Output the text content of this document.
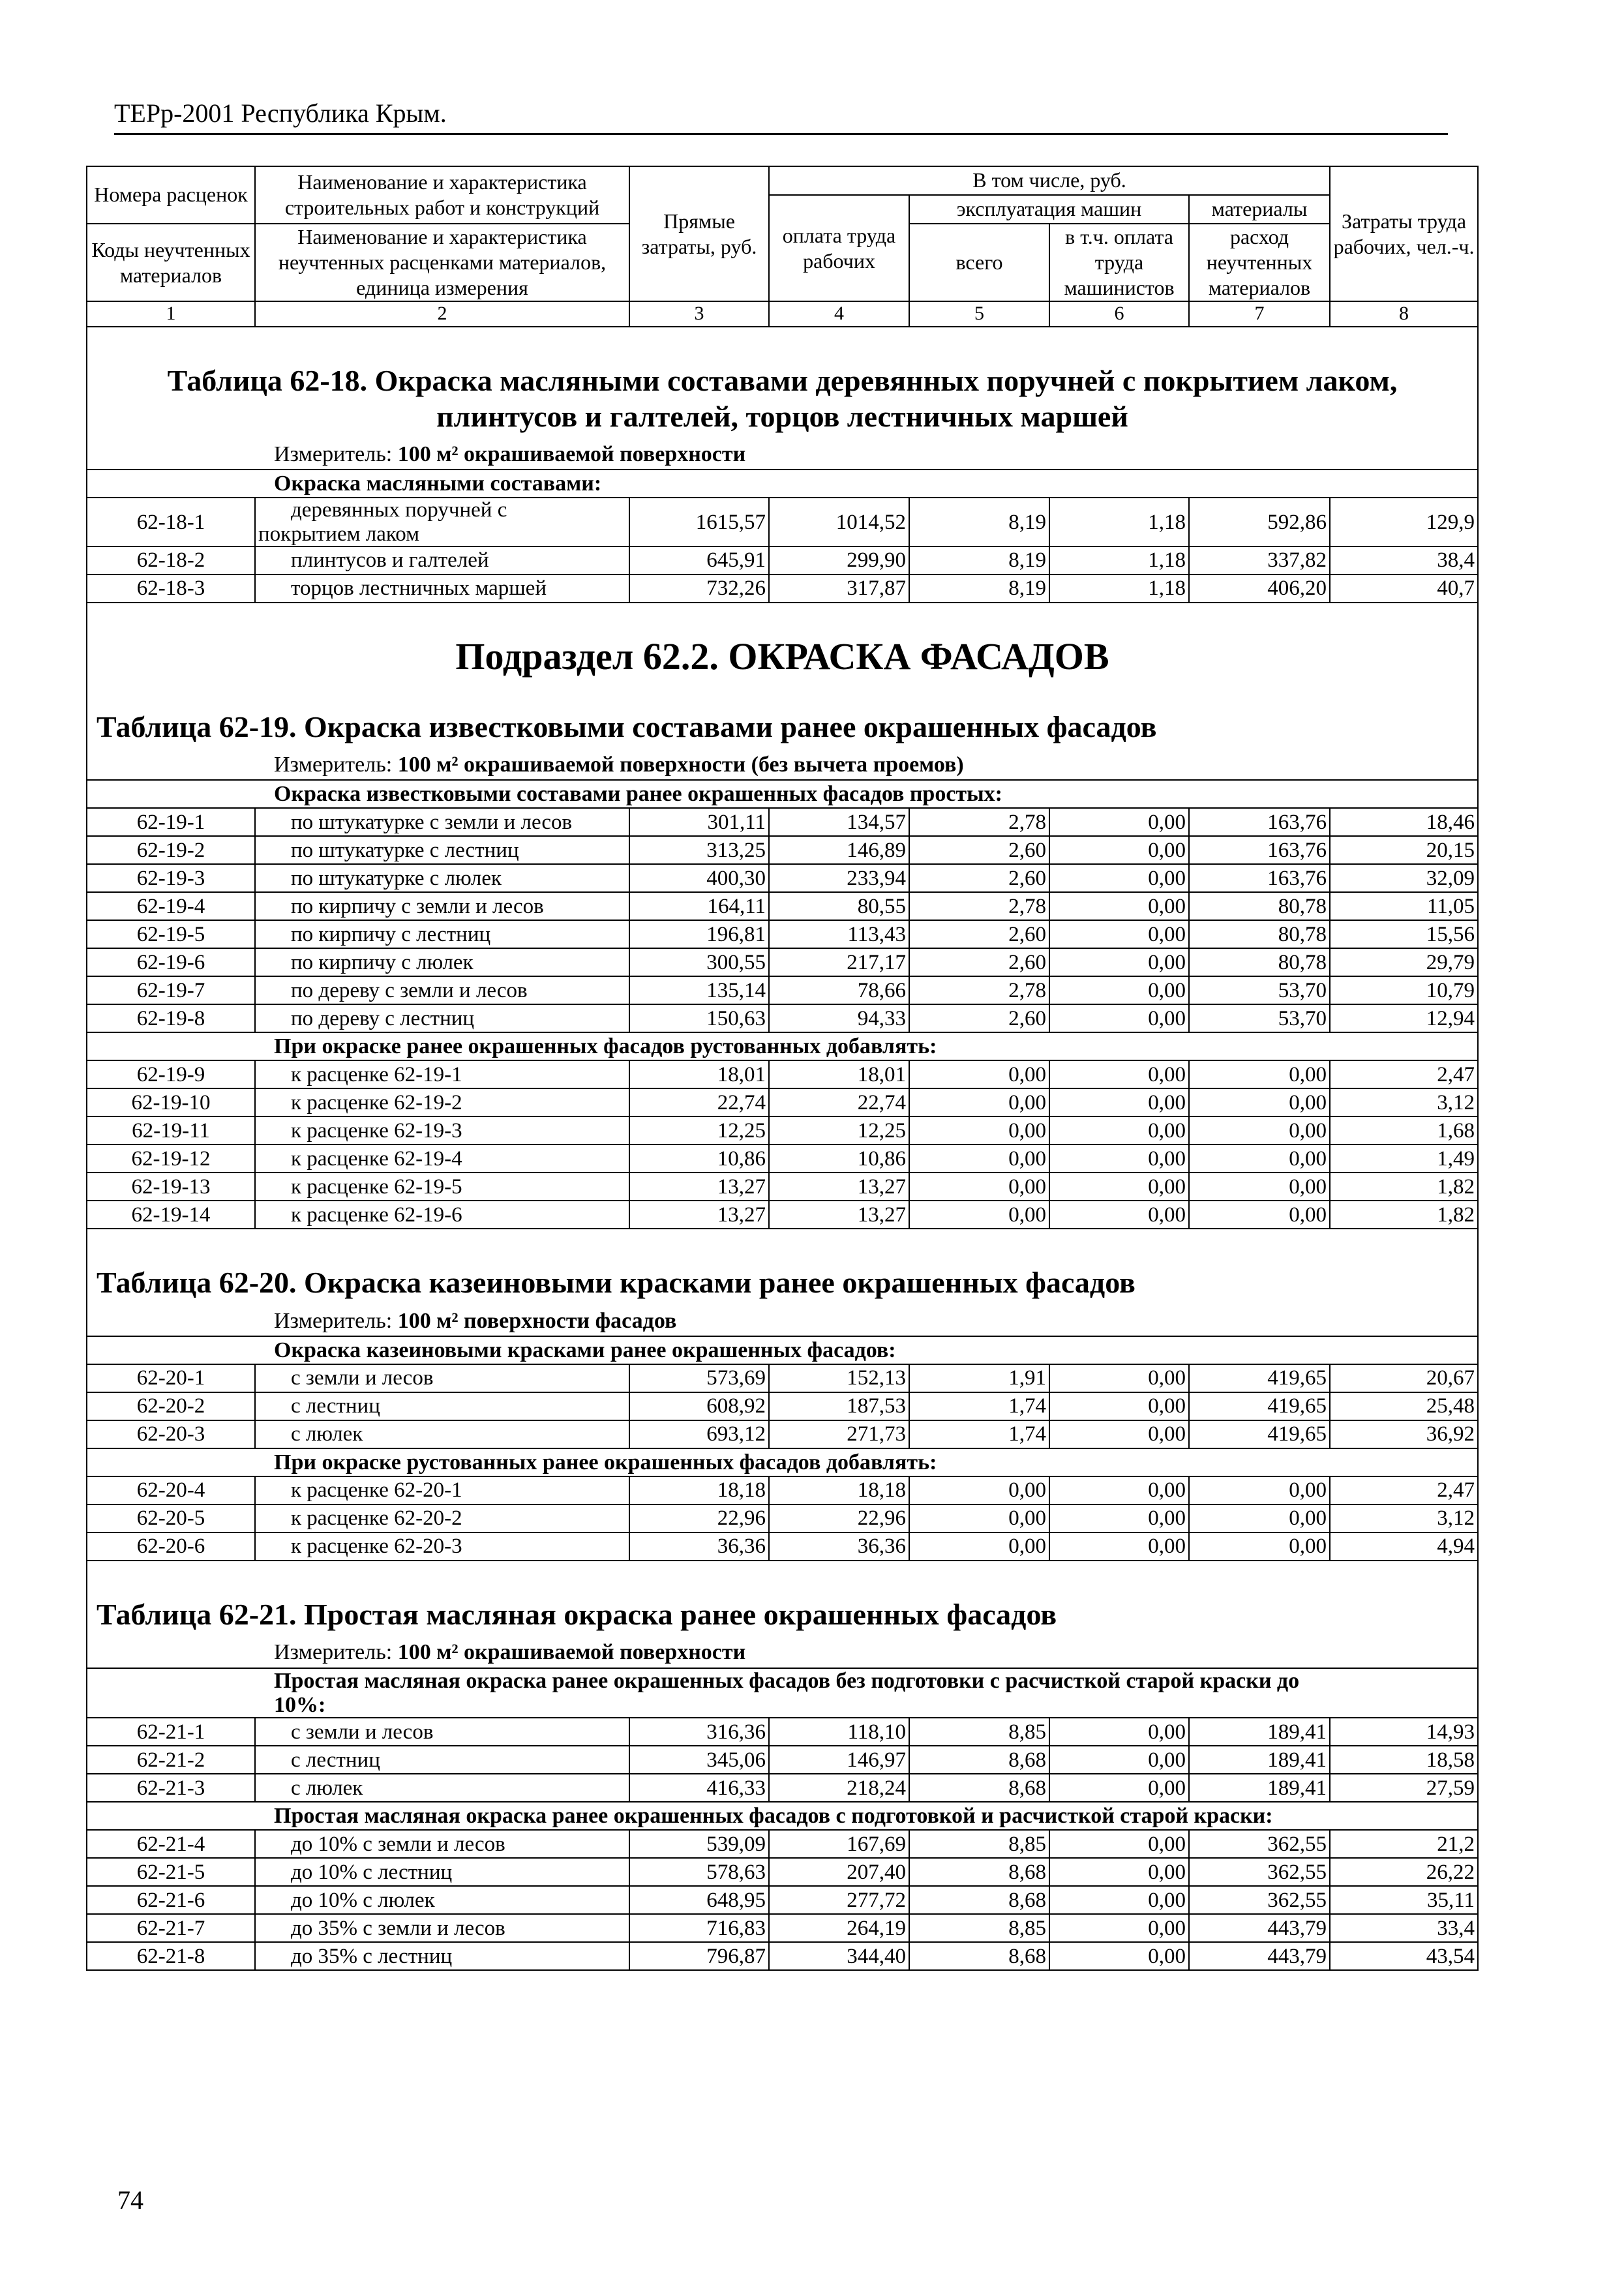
ТЕРр-2001 Республика Крым.
Номера расценок	Наименование и характеристика строительных работ и конструкций	Прямые затраты, руб.	В том числе, руб.				Затраты труда рабочих, чел.-ч.
			оплата труда рабочих	эксплуатация машин		материалы	
Коды неучтенных материалов	Наименование и характеристика неучтенных расценками материалов, единица измерения			всего	в т.ч. оплата труда машинистов	расход неучтенных материалов	

1	2	3	4	5	6	7	8

Таблица 62-18. Окраска масляными составами деревянных поручней с покрытием лаком,
плинтусов и галтелей, торцов лестничных маршей							
Измеритель: 100 м² окрашиваемой поверхности							
Окраска масляными составами:							
62-18-1	деревянных поручней с
покрытием лаком	1615,57	1014,52	8,19	1,18	592,86	129,9
62-18-2	плинтусов и галтелей	645,91	299,90	8,19	1,18	337,82	38,4
62-18-3	торцов лестничных маршей	732,26	317,87	8,19	1,18	406,20	40,7
Подраздел 62.2. ОКРАСКА ФАСАДОВ							
Таблица 62-19. Окраска известковыми составами ранее окрашенных фасадов							
Измеритель: 100 м² окрашиваемой поверхности (без вычета проемов)							
Окраска известковыми составами ранее окрашенных фасадов простых:							
62-19-1	по штукатурке с земли и лесов	301,11	134,57	2,78	0,00	163,76	18,46
62-19-2	по штукатурке с лестниц	313,25	146,89	2,60	0,00	163,76	20,15
62-19-3	по штукатурке с люлек	400,30	233,94	2,60	0,00	163,76	32,09
62-19-4	по кирпичу с земли и лесов	164,11	80,55	2,78	0,00	80,78	11,05
62-19-5	по кирпичу с лестниц	196,81	113,43	2,60	0,00	80,78	15,56
62-19-6	по кирпичу с люлек	300,55	217,17	2,60	0,00	80,78	29,79
62-19-7	по дереву с земли и лесов	135,14	78,66	2,78	0,00	53,70	10,79
62-19-8	по дереву с лестниц	150,63	94,33	2,60	0,00	53,70	12,94
При окраске ранее окрашенных фасадов рустованных добавлять:							
62-19-9	к расценке 62-19-1	18,01	18,01	0,00	0,00	0,00	2,47
62-19-10	к расценке 62-19-2	22,74	22,74	0,00	0,00	0,00	3,12
62-19-11	к расценке 62-19-3	12,25	12,25	0,00	0,00	0,00	1,68
62-19-12	к расценке 62-19-4	10,86	10,86	0,00	0,00	0,00	1,49
62-19-13	к расценке 62-19-5	13,27	13,27	0,00	0,00	0,00	1,82
62-19-14	к расценке 62-19-6	13,27	13,27	0,00	0,00	0,00	1,82

Таблица 62-20. Окраска казеиновыми красками ранее окрашенных фасадов							
Измеритель: 100 м² поверхности фасадов							
Окраска казеиновыми красками ранее окрашенных фасадов:							
62-20-1	с земли и лесов	573,69	152,13	1,91	0,00	419,65	20,67
62-20-2	с лестниц	608,92	187,53	1,74	0,00	419,65	25,48
62-20-3	с люлек	693,12	271,73	1,74	0,00	419,65	36,92
При окраске рустованных ранее окрашенных фасадов добавлять:							
62-20-4	к расценке 62-20-1	18,18	18,18	0,00	0,00	0,00	2,47
62-20-5	к расценке 62-20-2	22,96	22,96	0,00	0,00	0,00	3,12
62-20-6	к расценке 62-20-3	36,36	36,36	0,00	0,00	0,00	4,94

Таблица 62-21. Простая масляная окраска ранее окрашенных фасадов							
Измеритель: 100 м² окрашиваемой поверхности							
Простая масляная окраска ранее окрашенных фасадов без подготовки с расчисткой старой краски до
10%:							
62-21-1	с земли и лесов	316,36	118,10	8,85	0,00	189,41	14,93
62-21-2	с лестниц	345,06	146,97	8,68	0,00	189,41	18,58
62-21-3	с люлек	416,33	218,24	8,68	0,00	189,41	27,59
Простая масляная окраска ранее окрашенных фасадов с подготовкой и расчисткой старой краски:							
62-21-4	до 10% с земли и лесов	539,09	167,69	8,85	0,00	362,55	21,2
62-21-5	до 10% с лестниц	578,63	207,40	8,68	0,00	362,55	26,22
62-21-6	до 10% с люлек	648,95	277,72	8,68	0,00	362,55	35,11
62-21-7	до 35% с земли и лесов	716,83	264,19	8,85	0,00	443,79	33,4
62-21-8	до 35% с лестниц	796,87	344,40	8,68	0,00	443,79	43,54
74
